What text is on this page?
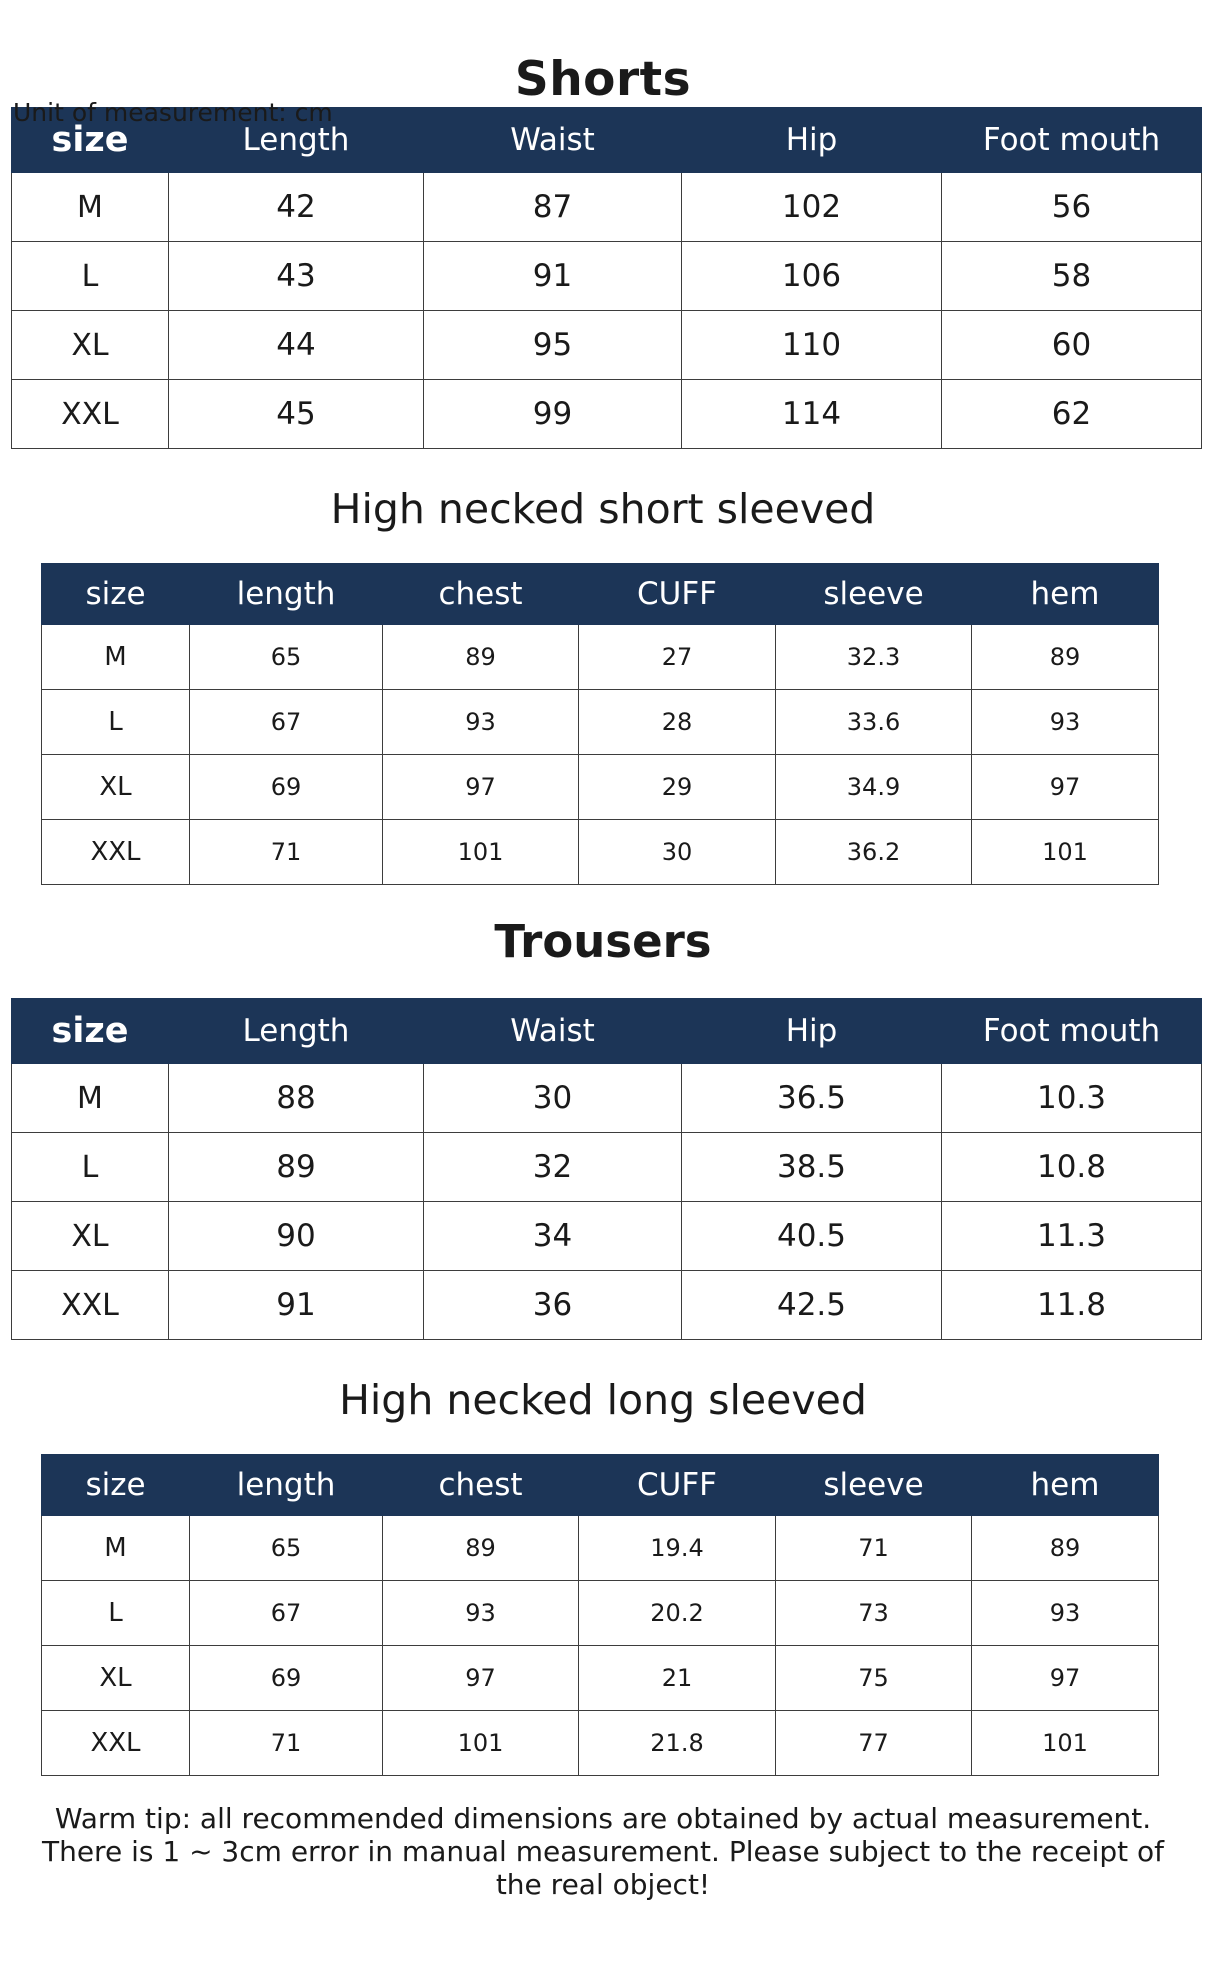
Unit of measurement: cm
Shorts
size	Length	Waist	Hip	Foot mouth
M	42	87	102	56
L	43	91	106	58
XL	44	95	110	60
XXL	45	99	114	62
High necked short sleeved
size	length	chest	CUFF	sleeve	hem
M	65	89	27	32.3	89
L	67	93	28	33.6	93
XL	69	97	29	34.9	97
XXL	71	101	30	36.2	101
Trousers
size	Length	Waist	Hip	Foot mouth
M	88	30	36.5	10.3
L	89	32	38.5	10.8
XL	90	34	40.5	11.3
XXL	91	36	42.5	11.8
High necked long sleeved
size	length	chest	CUFF	sleeve	hem
M	65	89	19.4	71	89
L	67	93	20.2	73	93
XL	69	97	21	75	97
XXL	71	101	21.8	77	101
Warm tip: all recommended dimensions are obtained by actual measurement. There is 1 ~ 3cm error in manual measurement. Please subject to the receipt of the real object!
